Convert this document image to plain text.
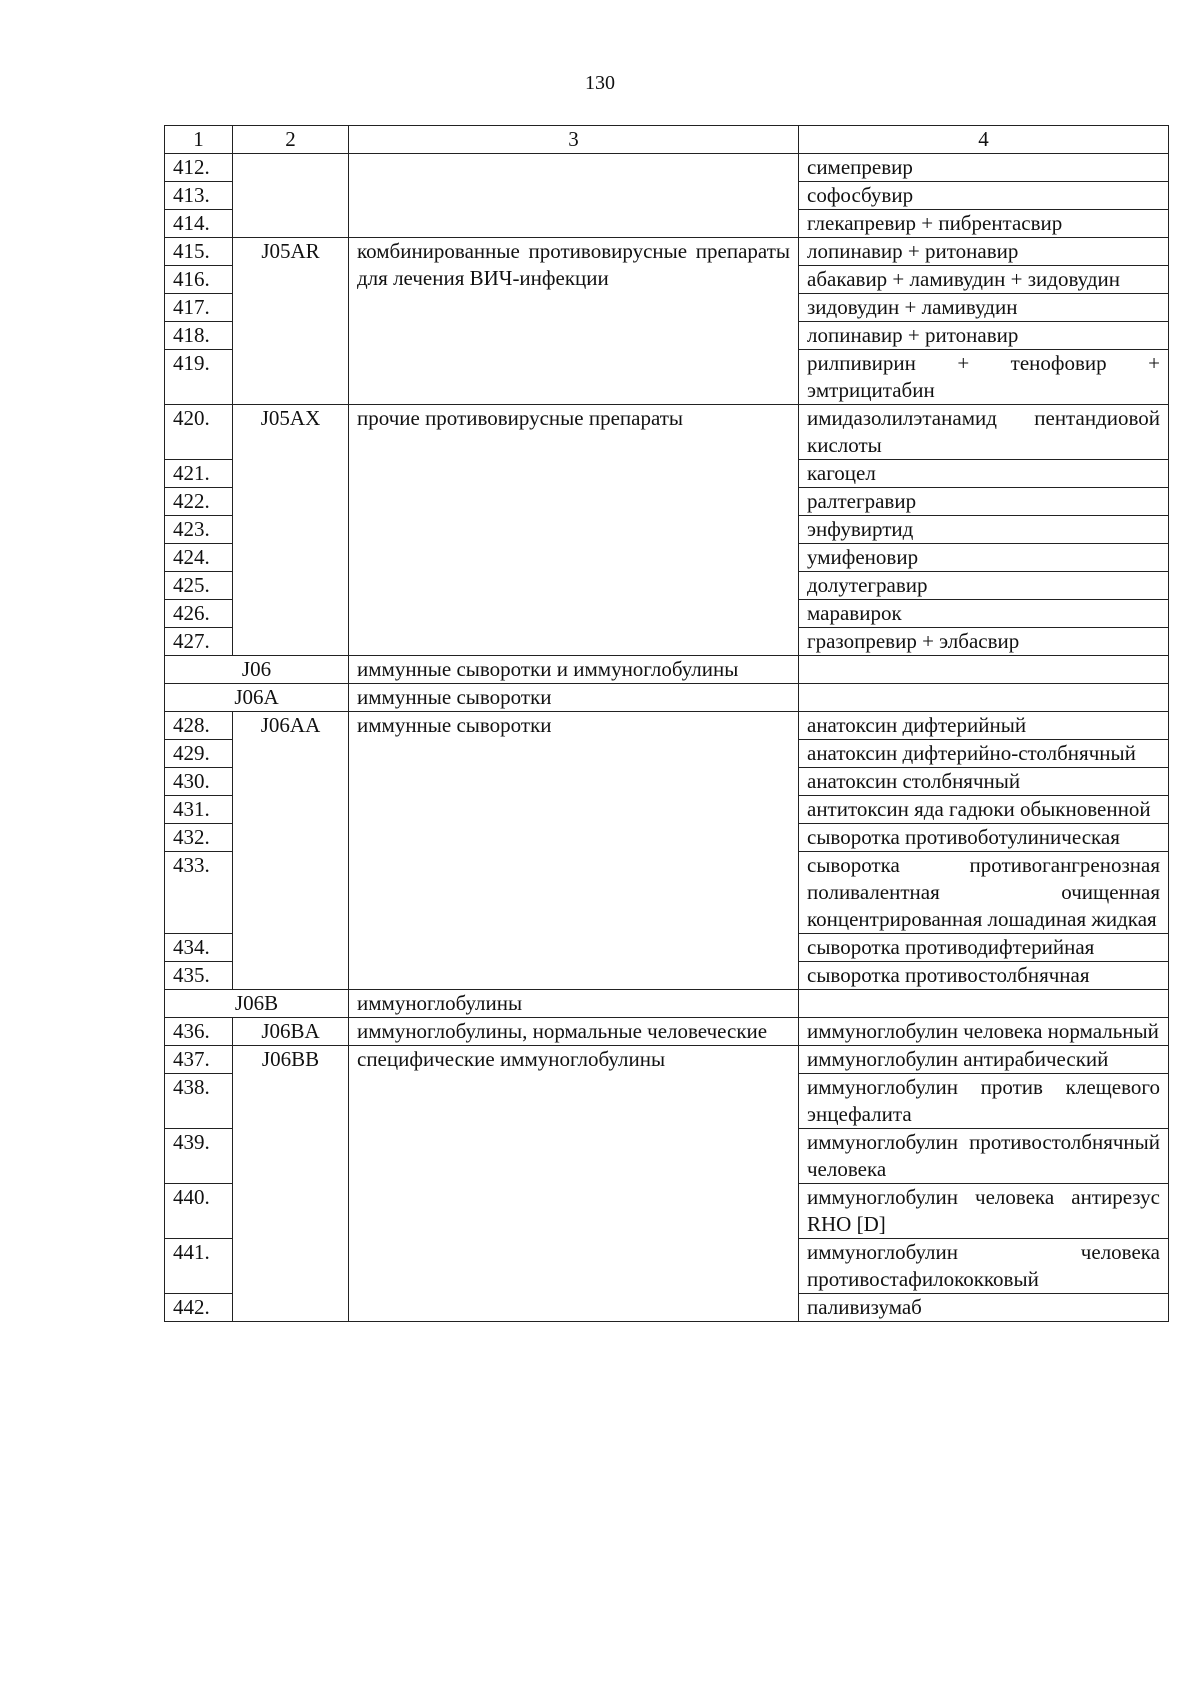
130
1	2	3	4
412.			симепревир
413.			софосбувир
414.			глекапревир + пибрентасвир
415.	J05AR	комбинированные противовирусные препараты для лечения ВИЧ-инфекции	лопинавир + ритонавир
416.			абакавир + ламивудин + зидовудин
417.			зидовудин + ламивудин
418.			лопинавир + ритонавир
419.			рилпивирин + тенофовир + эмтрицитабин
420.	J05AX	прочие противовирусные препараты	имидазолилэтанамид пентандиовой кислоты
421.			кагоцел
422.			ралтегравир
423.			энфувиртид
424.			умифеновир
425.			долутегравир
426.			маравирок
427.			гразопревир + элбасвир
J06		иммунные сыворотки и иммуноглобулины	
J06A		иммунные сыворотки	
428.	J06AA	иммунные сыворотки	анатоксин дифтерийный
429.			анатоксин дифтерийно-столбнячный
430.			анатоксин столбнячный
431.			антитоксин яда гадюки обыкновенной
432.			сыворотка противоботулиническая
433.			сыворотка противогангренозная поливалентная очищенная концентрированная лошадиная жидкая
434.			сыворотка противодифтерийная
435.			сыворотка противостолбнячная
J06B		иммуноглобулины	
436.	J06BA	иммуноглобулины, нормальные человеческие	иммуноглобулин человека нормальный
437.	J06BB	специфические иммуноглобулины	иммуноглобулин антирабический
438.			иммуноглобулин против клещевого энцефалита
439.			иммуноглобулин противостолбнячный человека
440.			иммуноглобулин человека антирезус RHO [D]
441.			иммуноглобулин человека противостафилококковый
442.			паливизумаб
